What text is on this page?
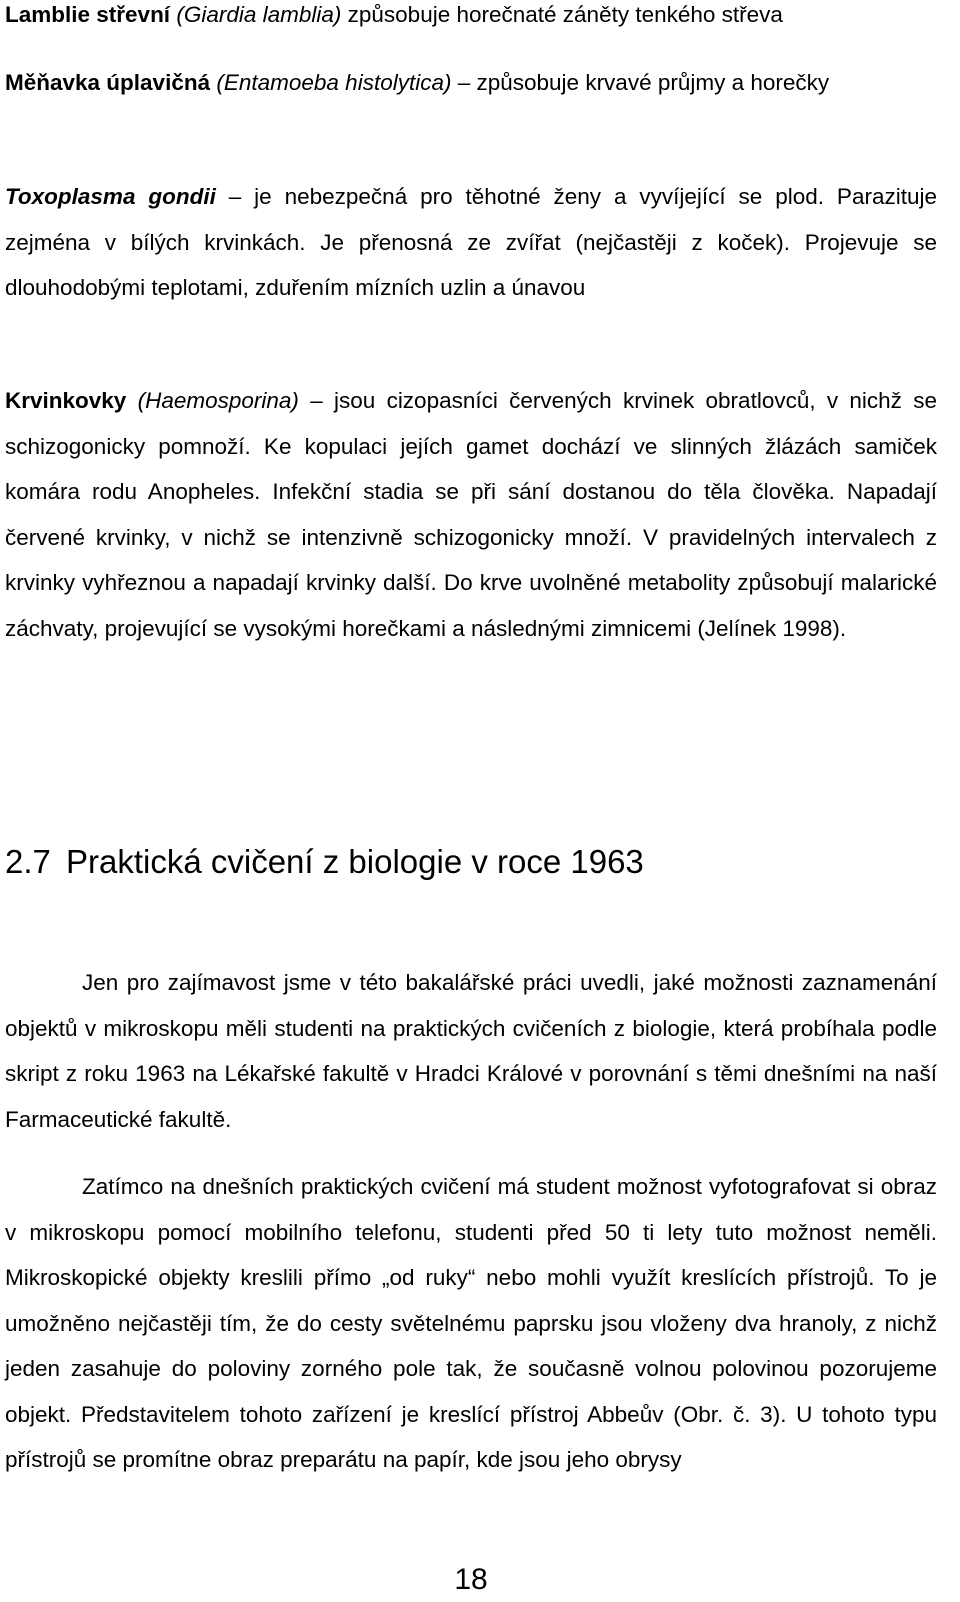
Lamblie střevní (Giardia lamblia) způsobuje horečnaté záněty tenkého střeva

Měňavka úplavičná (Entamoeba histolytica) – způsobuje krvavé průjmy a horečky

Toxoplasma gondii – je nebezpečná pro těhotné ženy a vyvíjející se plod. Parazituje zejména v bílých krvinkách. Je přenosná ze zvířat (nejčastěji z koček). Projevuje se dlouhodobými teplotami, zduřením mízních uzlin a únavou

Krvinkovky (Haemosporina) – jsou cizopasníci červených krvinek obratlovců, v nichž se schizogonicky pomnoží. Ke kopulaci jejích gamet dochází ve slinných žlázách samiček komára rodu Anopheles. Infekční stadia se při sání dostanou do těla člověka. Napadají červené krvinky, v nichž se intenzivně schizogonicky množí. V pravidelných intervalech z krvinky vyhřeznou a napadají krvinky další. Do krve uvolněné metabolity způsobují malarické záchvaty, projevující se vysokými horečkami a následnými zimnicemi (Jelínek 1998).

2.7 Praktická cvičení z biologie v roce 1963

Jen pro zajímavost jsme v této bakalářské práci uvedli, jaké možnosti zaznamenání objektů v mikroskopu měli studenti na praktických cvičeních z biologie, která probíhala podle skript z roku 1963 na Lékařské fakultě v Hradci Králové v porovnání s těmi dnešními na naší Farmaceutické fakultě.

Zatímco na dnešních praktických cvičení má student možnost vyfotografovat si obraz v mikroskopu pomocí mobilního telefonu, studenti před 50 ti lety tuto možnost neměli. Mikroskopické objekty kreslili přímo „od ruky“ nebo mohli využít kreslících přístrojů. To je umožněno nejčastěji tím, že do cesty světelnému paprsku jsou vloženy dva hranoly, z nichž jeden zasahuje do poloviny zorného pole tak, že současně volnou polovinou pozorujeme objekt. Představitelem tohoto zařízení je kreslící přístroj Abbeův (Obr. č. 3). U tohoto typu přístrojů se promítne obraz preparátu na papír, kde jsou jeho obrysy

18
